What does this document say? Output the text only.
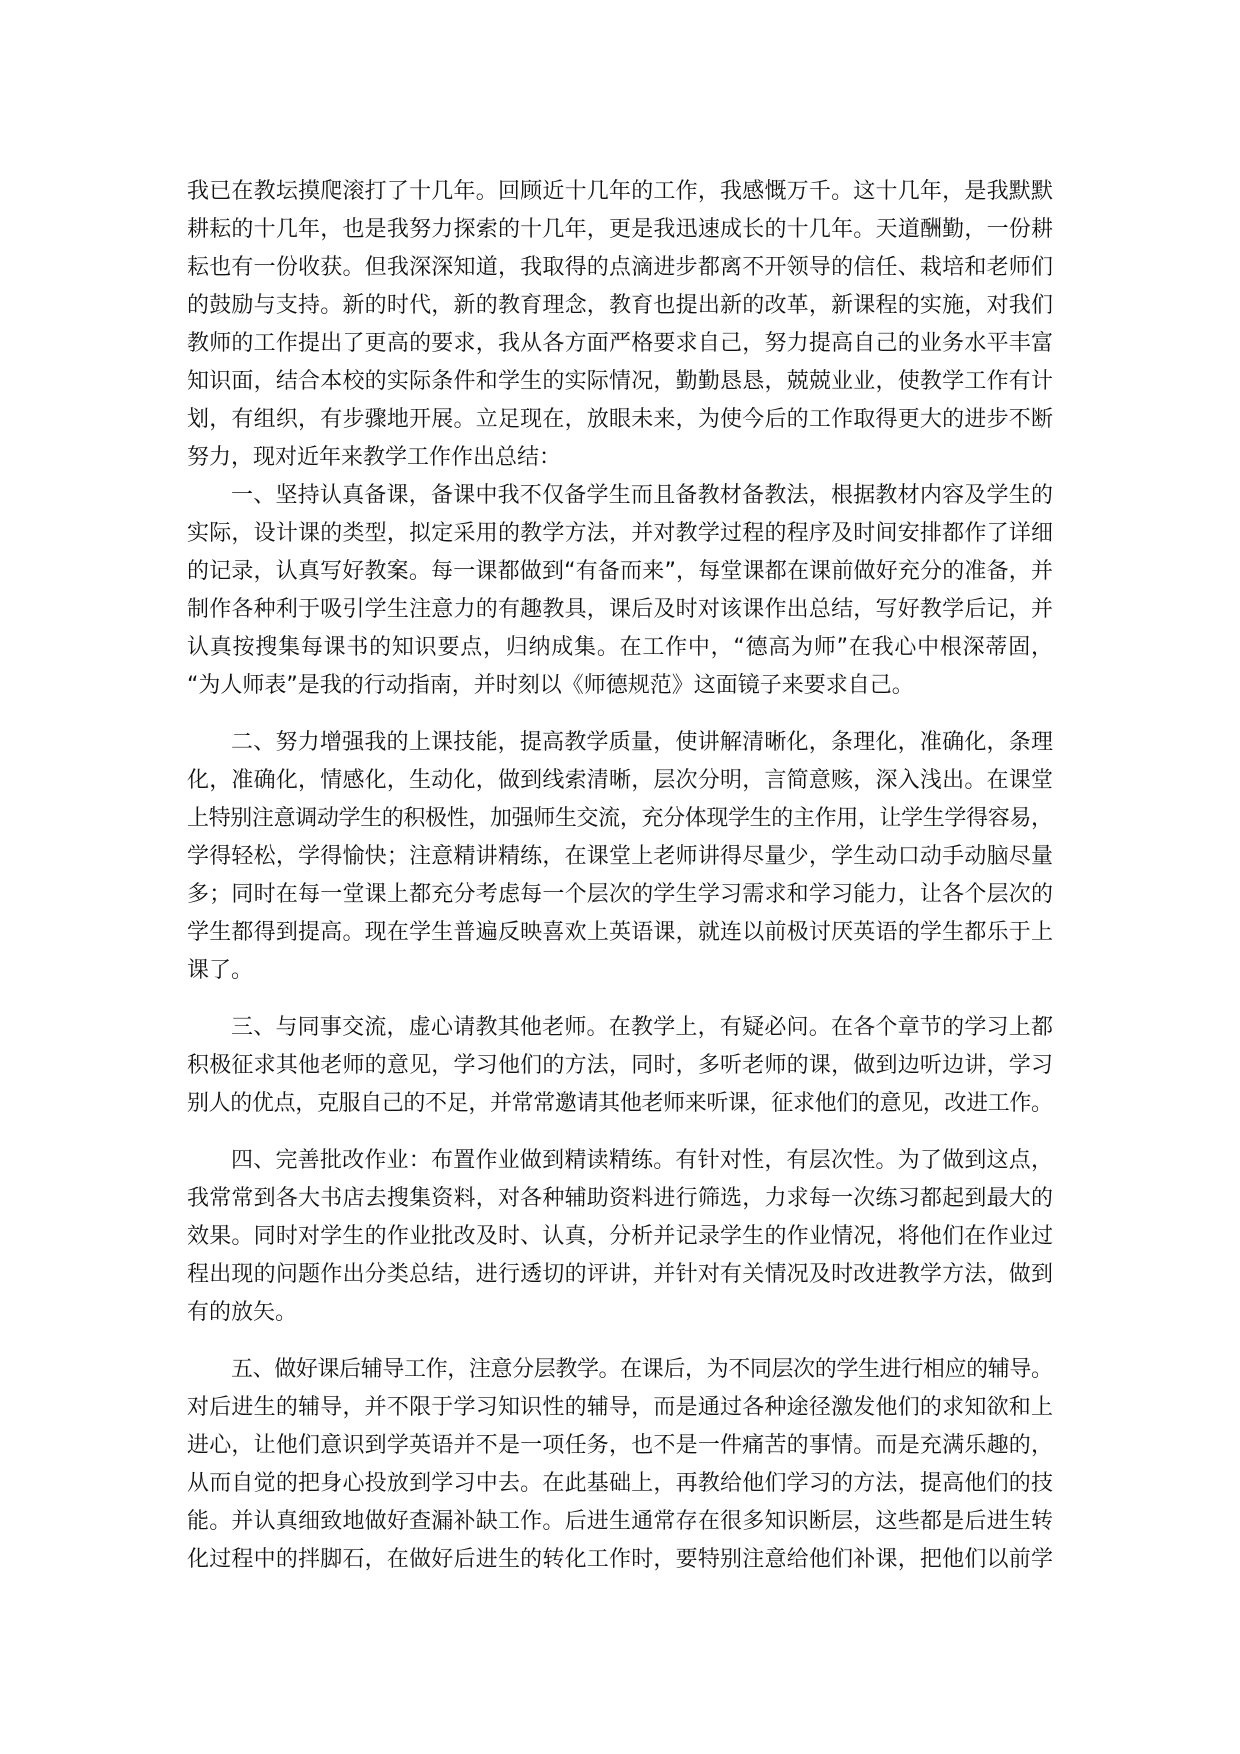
我已在教坛摸爬滚打了十几年。回顾近十几年的工作，我感慨万千。这十几年，是我默默
耕耘的十几年，也是我努力探索的十几年，更是我迅速成长的十几年。天道酬勤，一份耕
耘也有一份收获。但我深深知道，我取得的点滴进步都离不开领导的信任、栽培和老师们
的鼓励与支持。新的时代，新的教育理念，教育也提出新的改革，新课程的实施，对我们
教师的工作提出了更高的要求，我从各方面严格要求自己，努力提高自己的业务水平丰富
知识面，结合本校的实际条件和学生的实际情况，勤勤恳恳，兢兢业业，使教学工作有计
划，有组织，有步骤地开展。立足现在，放眼未来，为使今后的工作取得更大的进步不断
努力，现对近年来教学工作作出总结：
一、坚持认真备课，备课中我不仅备学生而且备教材备教法，根据教材内容及学生的
实际，设计课的类型，拟定采用的教学方法，并对教学过程的程序及时间安排都作了详细
的记录，认真写好教案。每一课都做到“有备而来”，每堂课都在课前做好充分的准备，并
制作各种利于吸引学生注意力的有趣教具，课后及时对该课作出总结，写好教学后记，并
认真按搜集每课书的知识要点，归纳成集。在工作中，“德高为师”在我心中根深蒂固，
“为人师表”是我的行动指南，并时刻以《师德规范》这面镜子来要求自己。
二、努力增强我的上课技能，提高教学质量，使讲解清晰化，条理化，准确化，条理
化，准确化，情感化，生动化，做到线索清晰，层次分明，言简意赅，深入浅出。在课堂
上特别注意调动学生的积极性，加强师生交流，充分体现学生的主作用，让学生学得容易，
学得轻松，学得愉快；注意精讲精练，在课堂上老师讲得尽量少，学生动口动手动脑尽量
多；同时在每一堂课上都充分考虑每一个层次的学生学习需求和学习能力，让各个层次的
学生都得到提高。现在学生普遍反映喜欢上英语课，就连以前极讨厌英语的学生都乐于上
课了。
三、与同事交流，虚心请教其他老师。在教学上，有疑必问。在各个章节的学习上都
积极征求其他老师的意见，学习他们的方法，同时，多听老师的课，做到边听边讲，学习
别人的优点，克服自己的不足，并常常邀请其他老师来听课，征求他们的意见，改进工作。
四、完善批改作业：布置作业做到精读精练。有针对性，有层次性。为了做到这点，
我常常到各大书店去搜集资料，对各种辅助资料进行筛选，力求每一次练习都起到最大的
效果。同时对学生的作业批改及时、认真，分析并记录学生的作业情况，将他们在作业过
程出现的问题作出分类总结，进行透切的评讲，并针对有关情况及时改进教学方法，做到
有的放矢。
五、做好课后辅导工作，注意分层教学。在课后，为不同层次的学生进行相应的辅导。
对后进生的辅导，并不限于学习知识性的辅导，而是通过各种途径激发他们的求知欲和上
进心，让他们意识到学英语并不是一项任务，也不是一件痛苦的事情。而是充满乐趣的，
从而自觉的把身心投放到学习中去。在此基础上，再教给他们学习的方法，提高他们的技
能。并认真细致地做好查漏补缺工作。后进生通常存在很多知识断层，这些都是后进生转
化过程中的拌脚石，在做好后进生的转化工作时，要特别注意给他们补课，把他们以前学
